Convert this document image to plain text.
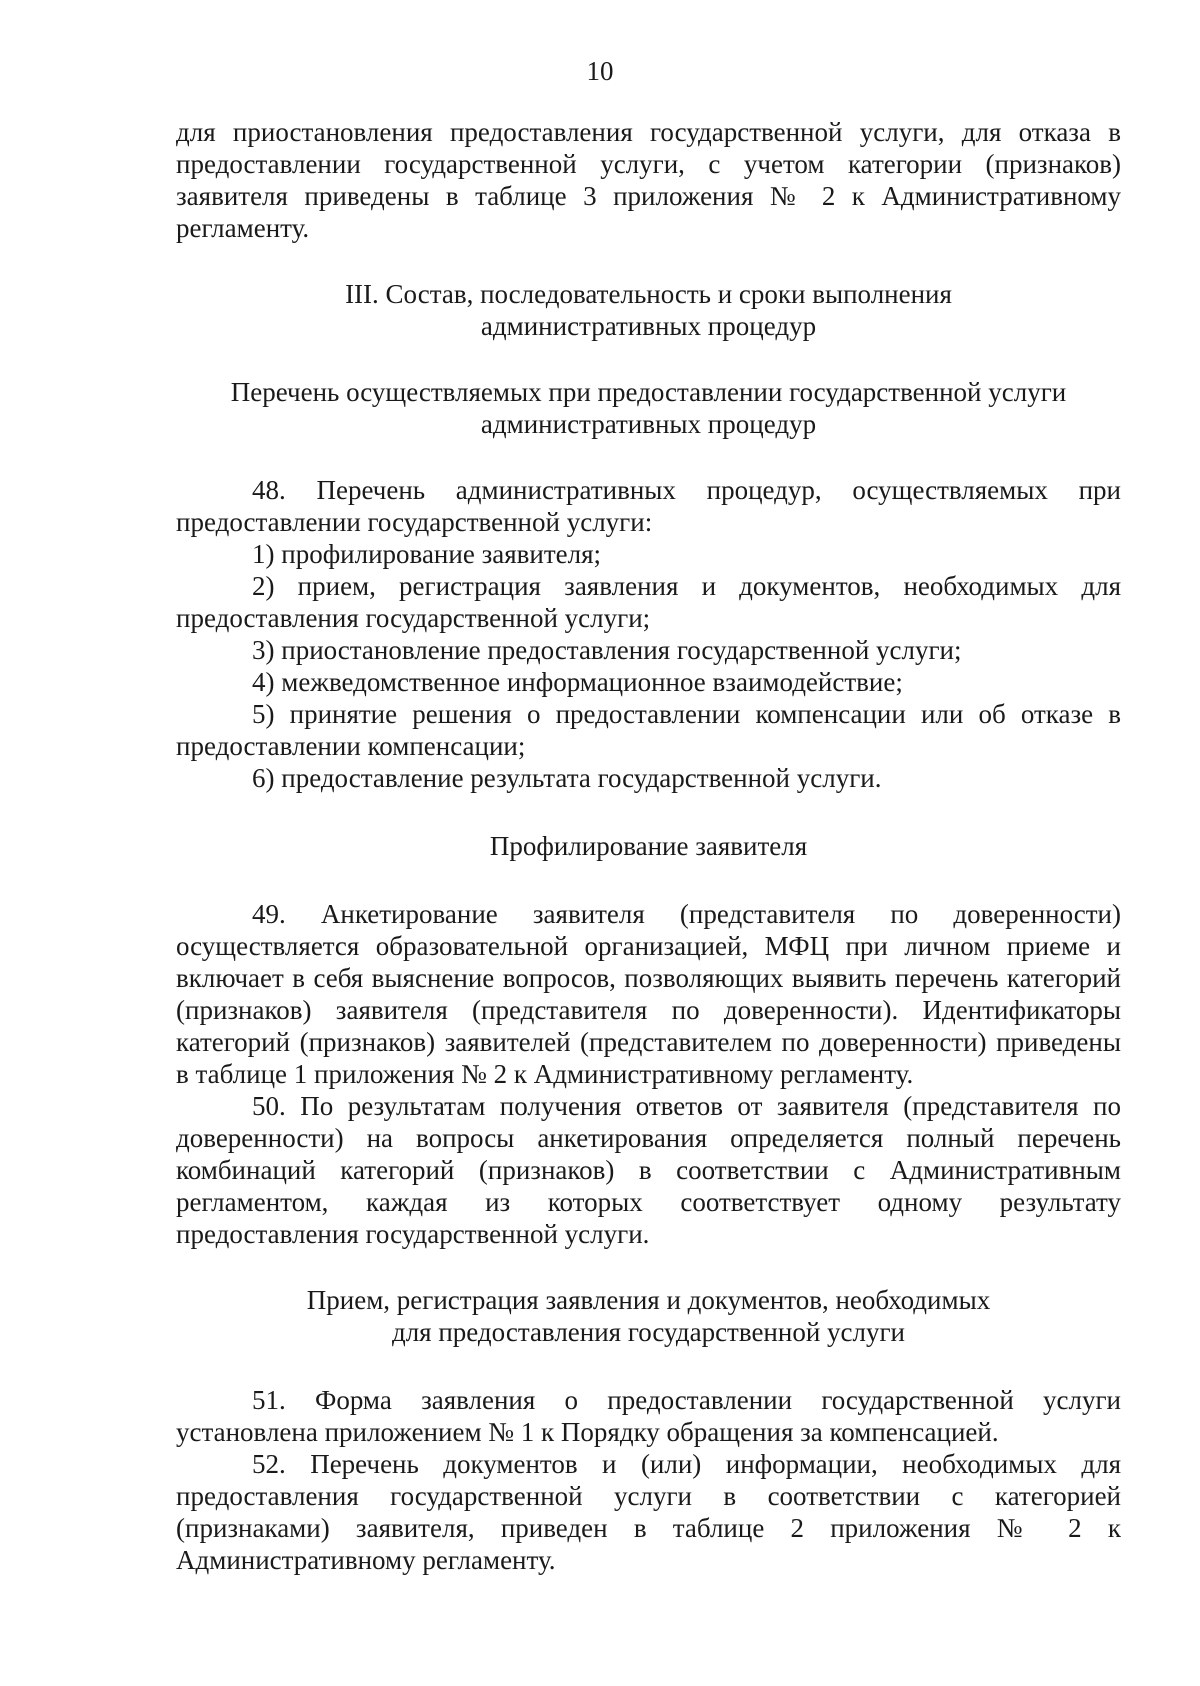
10

для приостановления предоставления государственной услуги, для отказа в предоставлении государственной услуги, с учетом категории (признаков) заявителя приведены в таблице 3 приложения № 2 к Административному регламенту.

III. Состав, последовательность и сроки выполнения

административных процедур

Перечень осуществляемых при предоставлении государственной услуги

административных процедур

48. Перечень административных процедур, осуществляемых при предоставлении государственной услуги:

1) профилирование заявителя;

2) прием, регистрация заявления и документов, необходимых для предоставления государственной услуги;

3) приостановление предоставления государственной услуги;

4) межведомственное информационное взаимодействие;

5) принятие решения о предоставлении компенсации или об отказе в предоставлении компенсации;

6) предоставление результата государственной услуги.

Профилирование заявителя

49. Анкетирование заявителя (представителя по доверенности) осуществляется образовательной организацией, МФЦ при личном приеме и включает в себя выяснение вопросов, позволяющих выявить перечень категорий (признаков) заявителя (представителя по доверенности). Идентификаторы категорий (признаков) заявителей (представителем по доверенности) приведены в таблице 1 приложения № 2 к Административному регламенту.

50. По результатам получения ответов от заявителя (представителя по доверенности) на вопросы анкетирования определяется полный перечень комбинаций категорий (признаков) в соответствии с Административным регламентом, каждая из которых соответствует одному результату предоставления государственной услуги.

Прием, регистрация заявления и документов, необходимых

для предоставления государственной услуги

51. Форма заявления о предоставлении государственной услуги установлена приложением № 1 к Порядку обращения за компенсацией.

52. Перечень документов и (или) информации, необходимых для предоставления государственной услуги в соответствии с категорией (признаками) заявителя, приведен в таблице 2 приложения № 2 к Административному регламенту.
